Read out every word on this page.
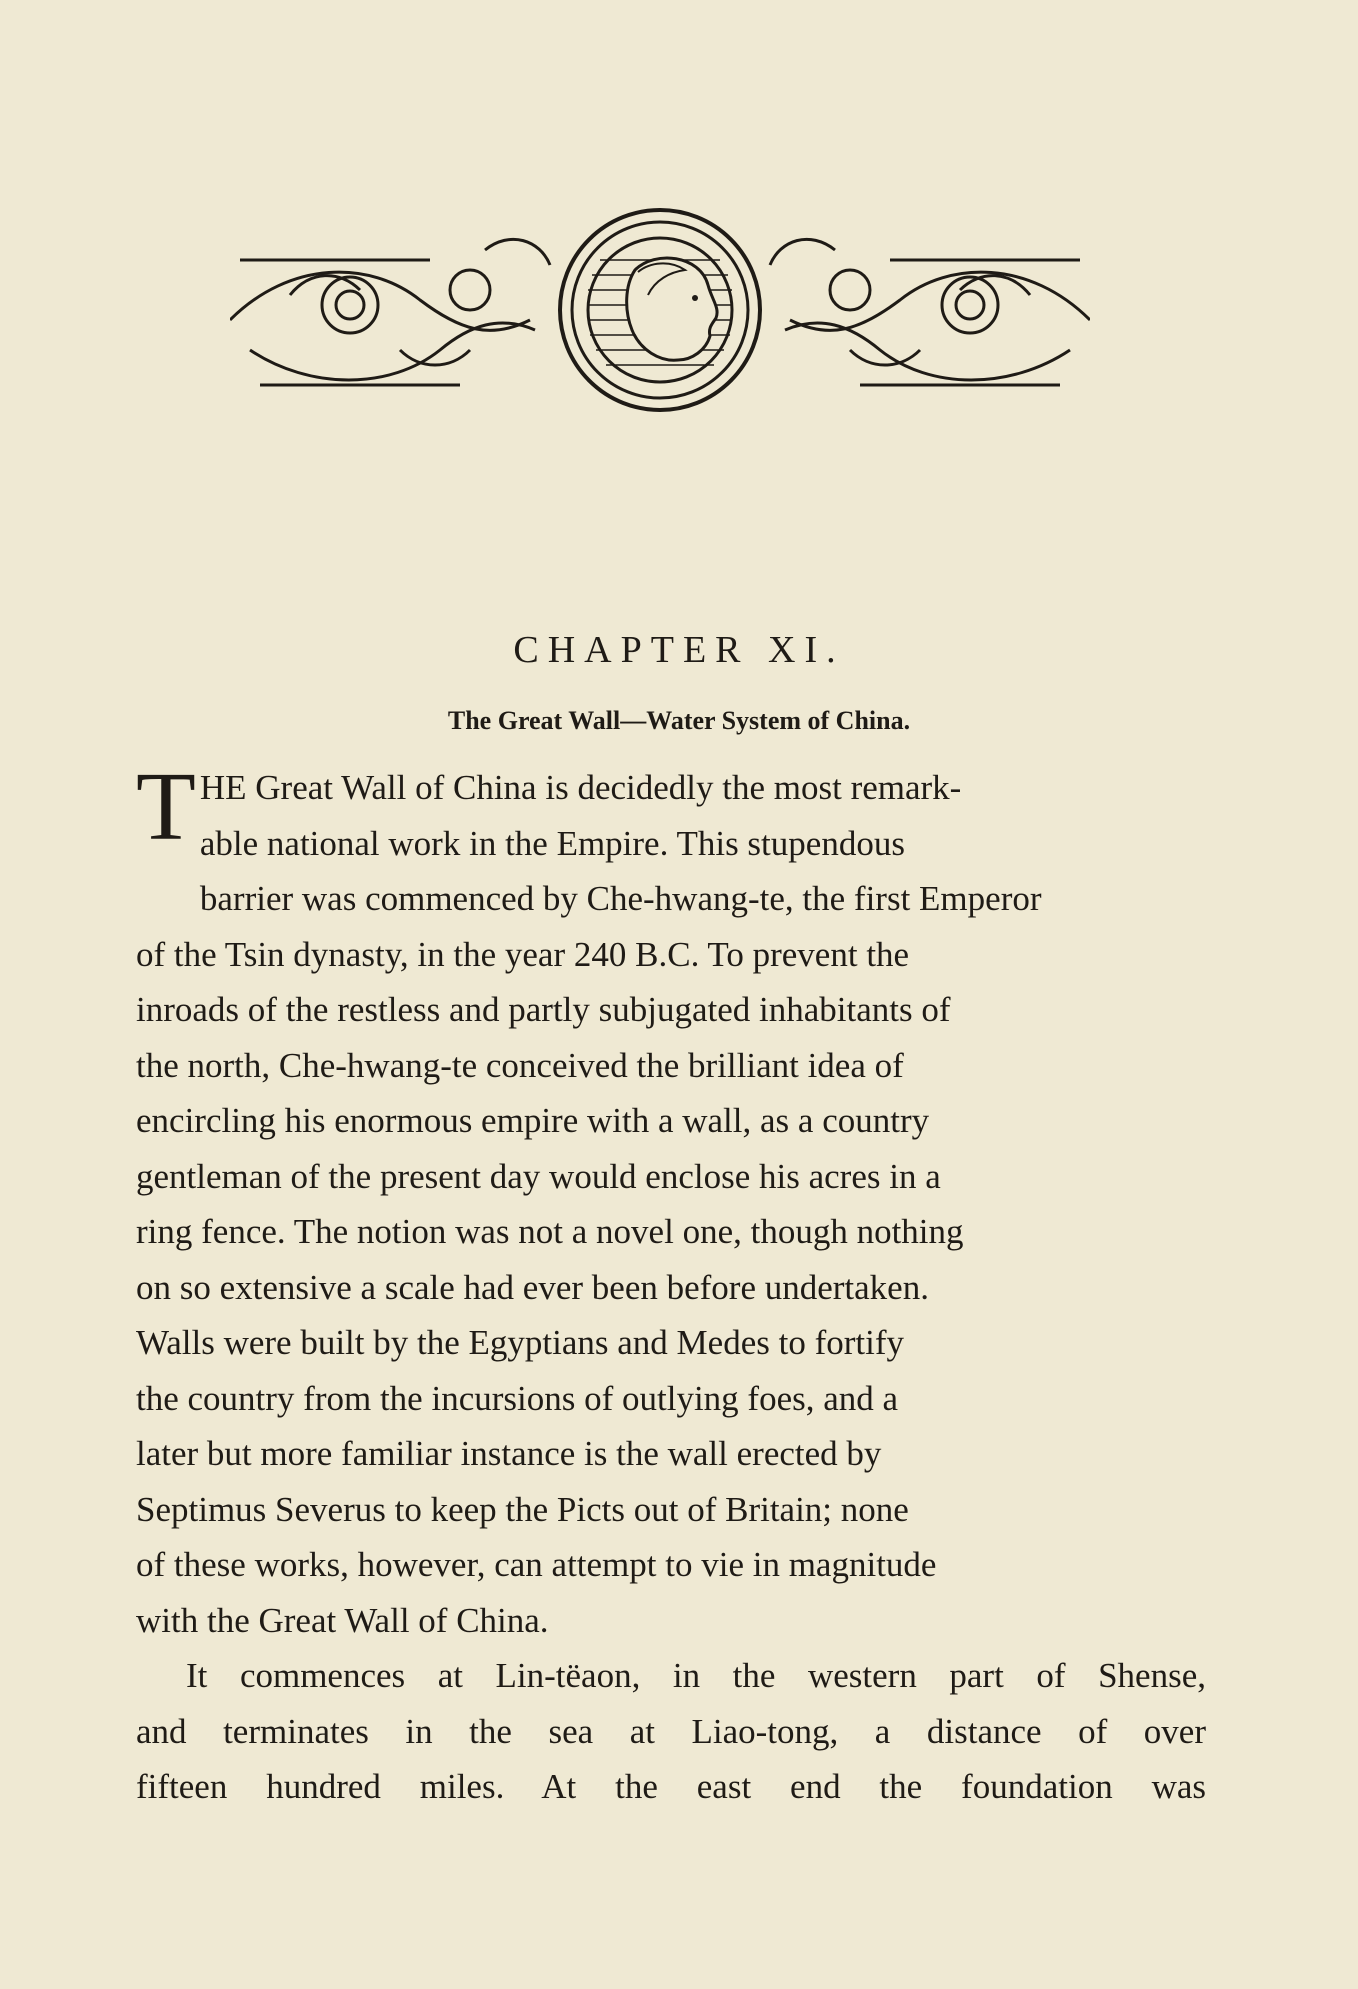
CHAPTER XI.
The Great Wall—Water System of China.

T HE Great Wall of China is decidedly the most remark-
able national work in the Empire. This stupendous
barrier was commenced by Che-hwang-te, the first Emperor
of the Tsin dynasty, in the year 240 B.C. To prevent the
inroads of the restless and partly subjugated inhabitants of
the north, Che-hwang-te conceived the brilliant idea of
encircling his enormous empire with a wall, as a country
gentleman of the present day would enclose his acres in a
ring fence. The notion was not a novel one, though nothing
on so extensive a scale had ever been before undertaken.
Walls were built by the Egyptians and Medes to fortify
the country from the incursions of outlying foes, and a
later but more familiar instance is the wall erected by
Septimus Severus to keep the Picts out of Britain; none
of these works, however, can attempt to vie in magnitude
with the Great Wall of China.

It commences at Lin-tëaon, in the western part of Shense,
and terminates in the sea at Liao-tong, a distance of over
fifteen hundred miles. At the east end the foundation was
